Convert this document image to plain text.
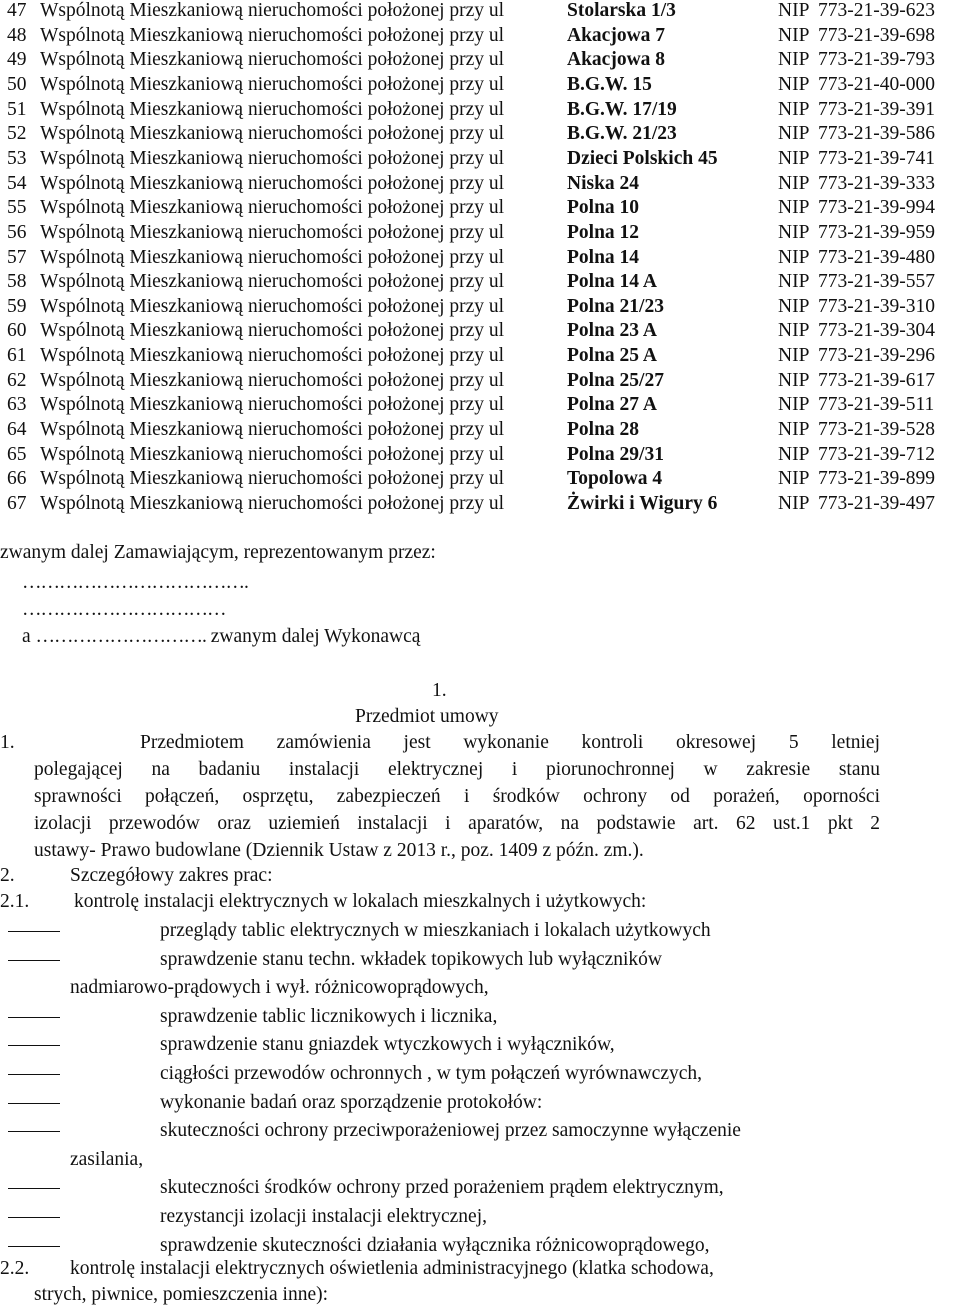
47 Wspólnotą Mieszkaniową nieruchomości położonej przy ul	Stolarska 1/3	NIP 773-21-39-623
48 Wspólnotą Mieszkaniową nieruchomości położonej przy ul	Akacjowa 7	NIP 773-21-39-698
49 Wspólnotą Mieszkaniową nieruchomości położonej przy ul	Akacjowa 8	NIP 773-21-39-793
50 Wspólnotą Mieszkaniową nieruchomości położonej przy ul	B.G.W. 15	NIP 773-21-40-000
51 Wspólnotą Mieszkaniową nieruchomości położonej przy ul	B.G.W. 17/19	NIP 773-21-39-391
52 Wspólnotą Mieszkaniową nieruchomości położonej przy ul	B.G.W. 21/23	NIP 773-21-39-586
53 Wspólnotą Mieszkaniową nieruchomości położonej przy ul	Dzieci Polskich 45	NIP 773-21-39-741
54 Wspólnotą Mieszkaniową nieruchomości położonej przy ul	Niska 24	NIP 773-21-39-333
55 Wspólnotą Mieszkaniową nieruchomości położonej przy ul	Polna 10	NIP 773-21-39-994
56 Wspólnotą Mieszkaniową nieruchomości położonej przy ul	Polna 12	NIP 773-21-39-959
57 Wspólnotą Mieszkaniową nieruchomości położonej przy ul	Polna 14	NIP 773-21-39-480
58 Wspólnotą Mieszkaniową nieruchomości położonej przy ul	Polna 14 A	NIP 773-21-39-557
59 Wspólnotą Mieszkaniową nieruchomości położonej przy ul	Polna 21/23	NIP 773-21-39-310
60 Wspólnotą Mieszkaniową nieruchomości położonej przy ul	Polna 23 A	NIP 773-21-39-304
61 Wspólnotą Mieszkaniową nieruchomości położonej przy ul	Polna 25 A	NIP 773-21-39-296
62 Wspólnotą Mieszkaniową nieruchomości położonej przy ul	Polna 25/27	NIP 773-21-39-617
63 Wspólnotą Mieszkaniową nieruchomości położonej przy ul	Polna 27 A	NIP 773-21-39-511
64 Wspólnotą Mieszkaniową nieruchomości położonej przy ul	Polna 28	NIP 773-21-39-528
65 Wspólnotą Mieszkaniową nieruchomości położonej przy ul	Polna 29/31	NIP 773-21-39-712
66 Wspólnotą Mieszkaniową nieruchomości położonej przy ul	Topolowa 4	NIP 773-21-39-899
67 Wspólnotą Mieszkaniową nieruchomości położonej przy ul	Żwirki i Wigury 6	NIP 773-21-39-497
zwanym dalej Zamawiającym, reprezentowanym przez:
……………………………….
……………………………
a ………………………. zwanym dalej Wykonawcą
1.
Przedmiot umowy
1.	Przedmiotem zamówienia jest wykonanie kontroli okresowej 5 letniej
polegającej na badaniu instalacji elektrycznej i piorunochronnej w zakresie stanu
sprawności połączeń, osprzętu, zabezpieczeń i środków ochrony od porażeń, oporności
izolacji przewodów oraz uziemień instalacji i aparatów, na podstawie art. 62 ust.1 pkt 2
ustawy- Prawo budowlane (Dziennik Ustaw z 2013 r., poz. 1409 z późn. zm.).
2.	Szczegółowy zakres prac:
2.1. kontrolę instalacji elektrycznych w lokalach mieszkalnych i użytkowych:
przeglądy tablic elektrycznych w mieszkaniach i lokalach użytkowych
sprawdzenie stanu techn. wkładek topikowych lub wyłączników
nadmiarowo-prądowych i wył. różnicowoprądowych,
sprawdzenie tablic licznikowych i licznika,
sprawdzenie stanu gniazdek wtyczkowych i wyłączników,
ciągłości przewodów ochronnych , w tym połączeń wyrównawczych,
wykonanie badań oraz sporządzenie protokołów:
skuteczności ochrony przeciwporażeniowej przez samoczynne wyłączenie
zasilania,
skuteczności środków ochrony przed porażeniem prądem elektrycznym,
rezystancji izolacji instalacji elektrycznej,
sprawdzenie skuteczności działania wyłącznika różnicowoprądowego,
2.2. kontrolę instalacji elektrycznych oświetlenia administracyjnego (klatka schodowa,
strych, piwnice, pomieszczenia inne):
